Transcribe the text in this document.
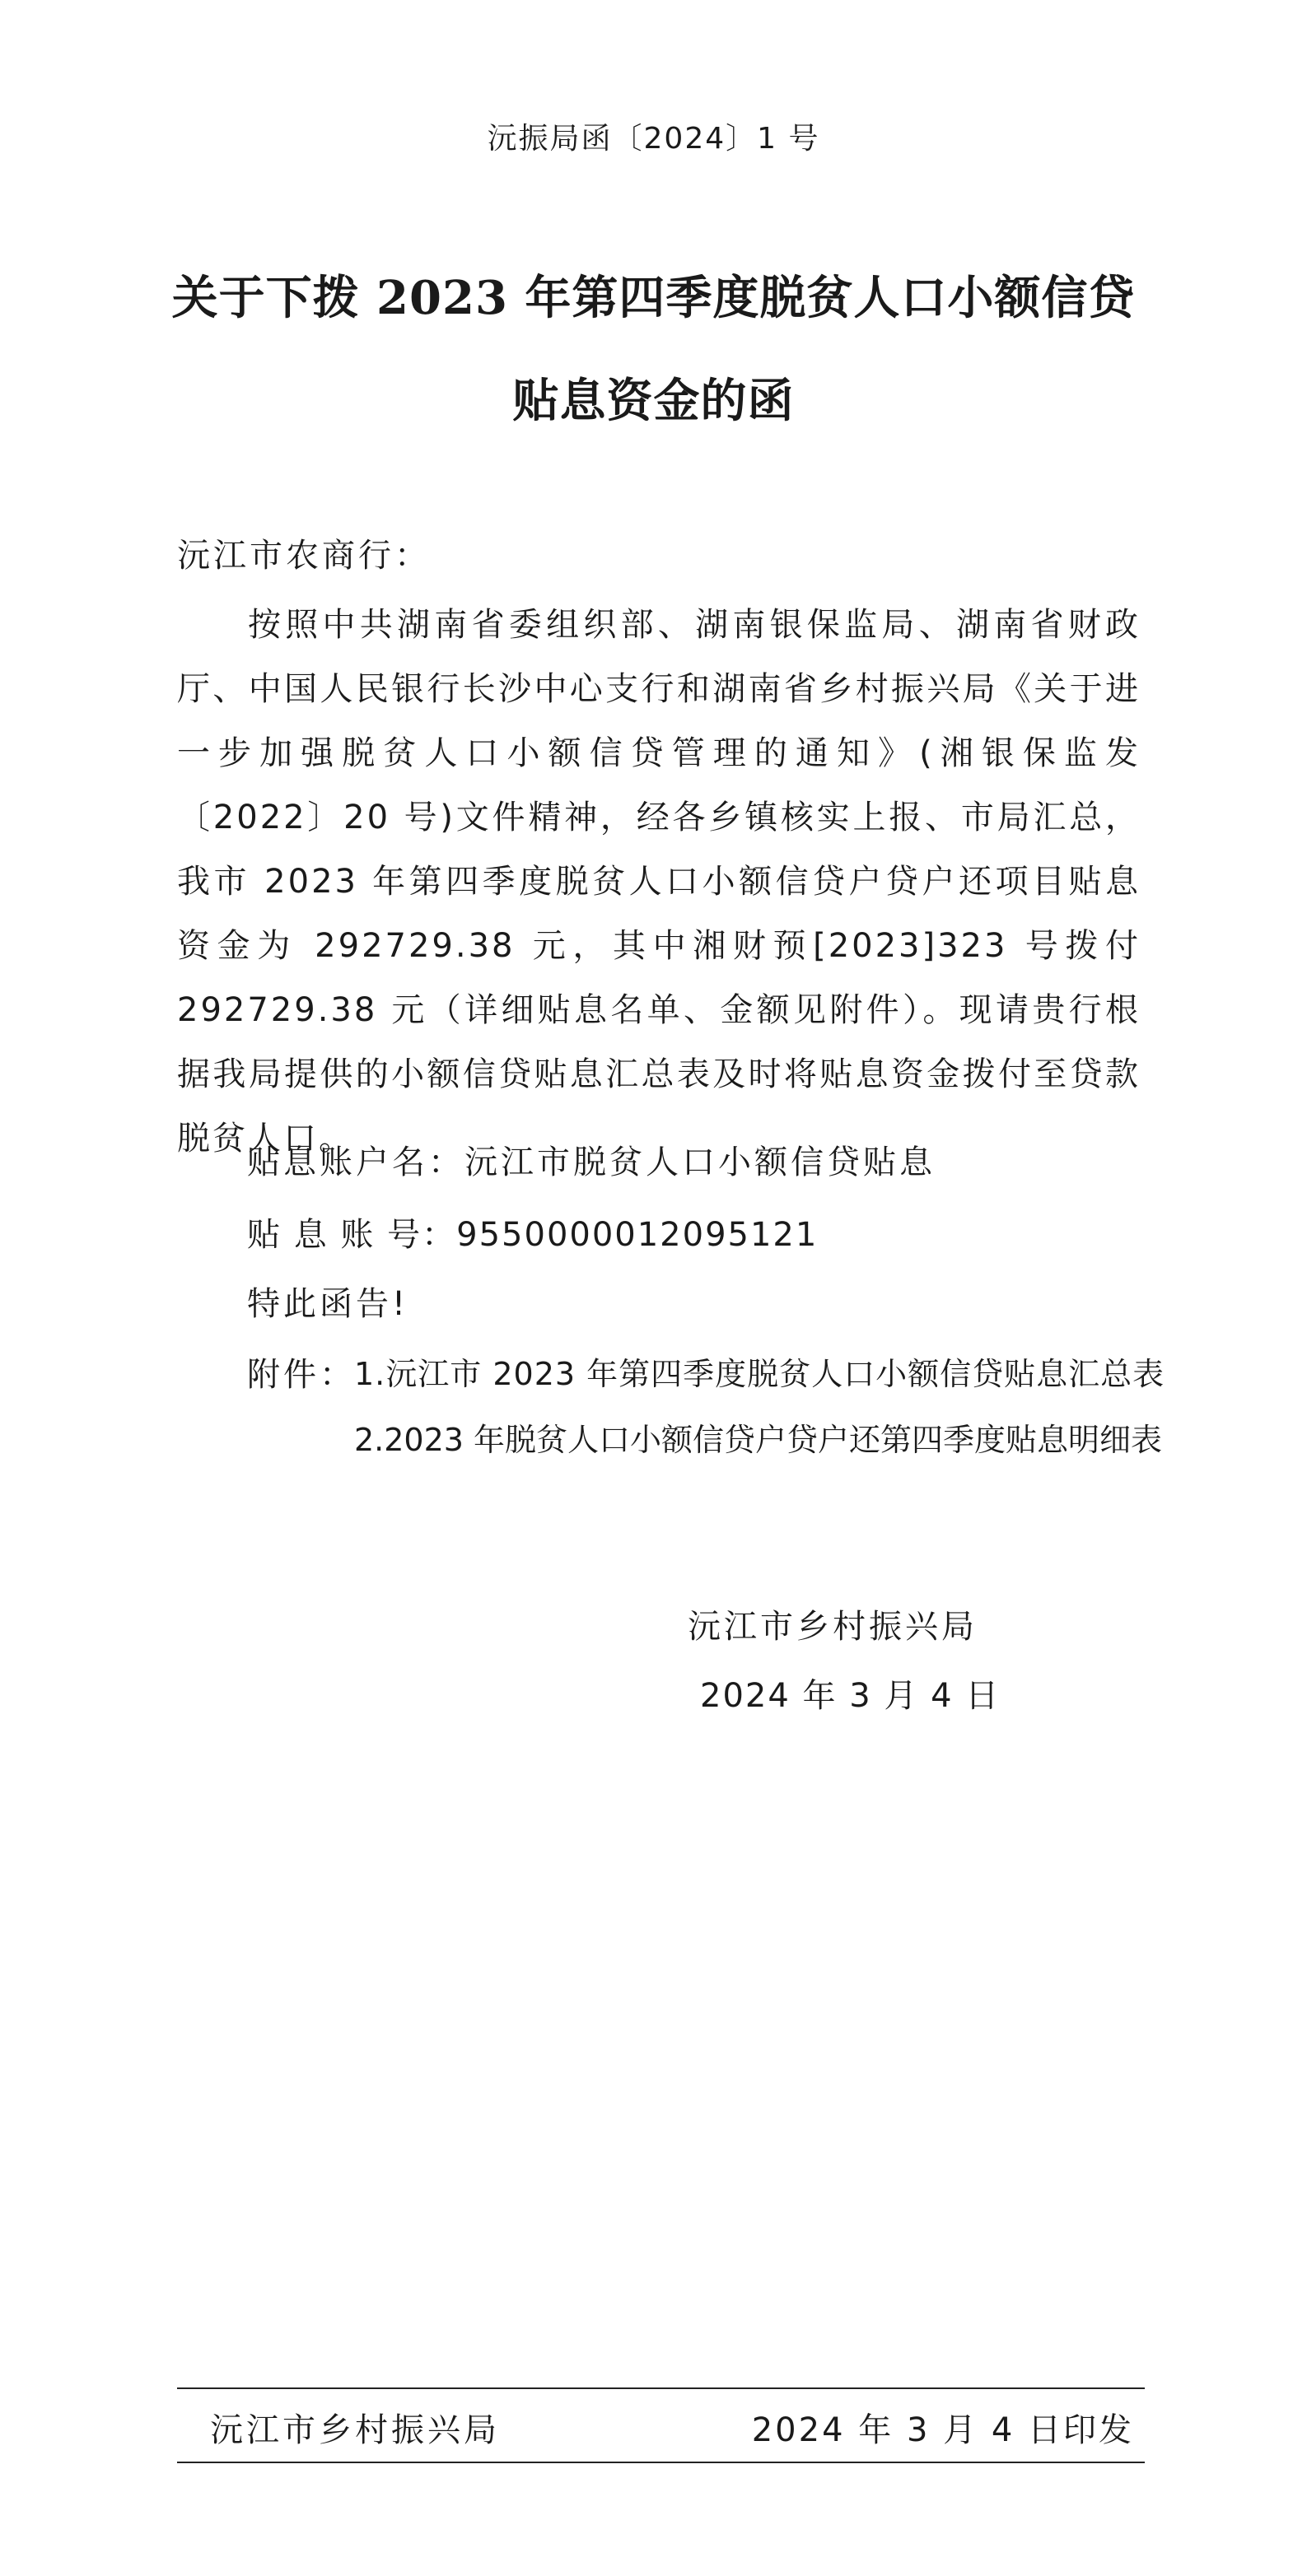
沅振局函〔2024〕1 号
关于下拨 2023 年第四季度脱贫人口小额信贷
贴息资金的函
沅江市农商行：

按照中共湖南省委组织部、湖南银保监局、湖南省财政厅、中国人民银行长沙中心支行和湖南省乡村振兴局《关于进一步加强脱贫人口小额信贷管理的通知》(湘银保监发〔2022〕20 号)文件精神，经各乡镇核实上报、市局汇总，我市 2023 年第四季度脱贫人口小额信贷户贷户还项目贴息资金为 292729.38 元，其中湘财预[2023]323 号拨付 292729.38 元（详细贴息名单、金额见附件）。现请贵行根据我局提供的小额信贷贴息汇总表及时将贴息资金拨付至贷款脱贫人口。

贴息账户名：沅江市脱贫人口小额信贷贴息
贴 息 账 号：9550000012095121
特此函告!
附件：
1.沅江市 2023 年第四季度脱贫人口小额信贷贴息汇总表
2.2023 年脱贫人口小额信贷户贷户还第四季度贴息明细表
沅江市乡村振兴局
2024 年 3 月 4 日
沅江市乡村振兴局	2024 年 3 月 4 日印发
